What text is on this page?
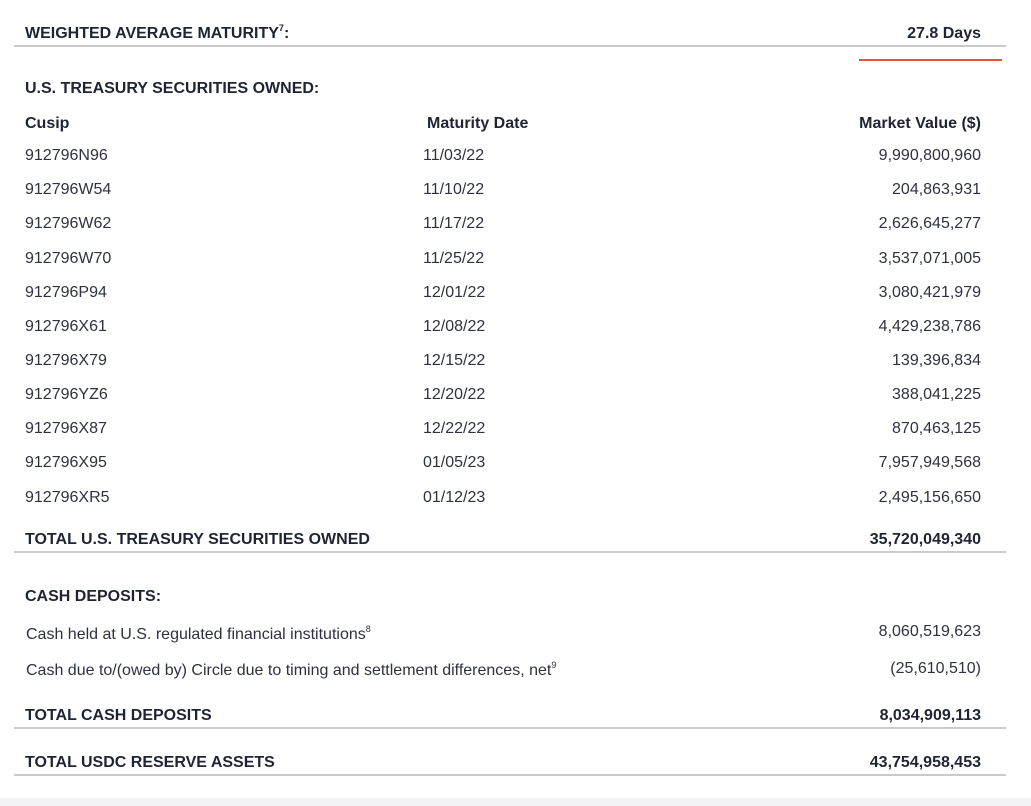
WEIGHTED AVERAGE MATURITY$^7$:	27.8 Days
U.S. TREASURY SECURITIES OWNED:
Cusip	Maturity Date	Market Value ($)
912796N96	11/03/22	9,990,800,960
912796W54	11/10/22	204,863,931
912796W62	11/17/22	2,626,645,277
912796W70	11/25/22	3,537,071,005
912796P94	12/01/22	3,080,421,979
912796X61	12/08/22	4,429,238,786
912796X79	12/15/22	139,396,834
912796YZ6	12/20/22	388,041,225
912796X87	12/22/22	870,463,125
912796X95	01/05/23	7,957,949,568
912796XR5	01/12/23	2,495,156,650
TOTAL U.S. TREASURY SECURITIES OWNED	35,720,049,340
CASH DEPOSITS:
Cash held at U.S. regulated financial institutions$^8$	8,060,519,623
Cash due to/(owed by) Circle due to timing and settlement differences, net$^9$	(25,610,510)
TOTAL CASH DEPOSITS	8,034,909,113
TOTAL USDC RESERVE ASSETS	43,754,958,453
